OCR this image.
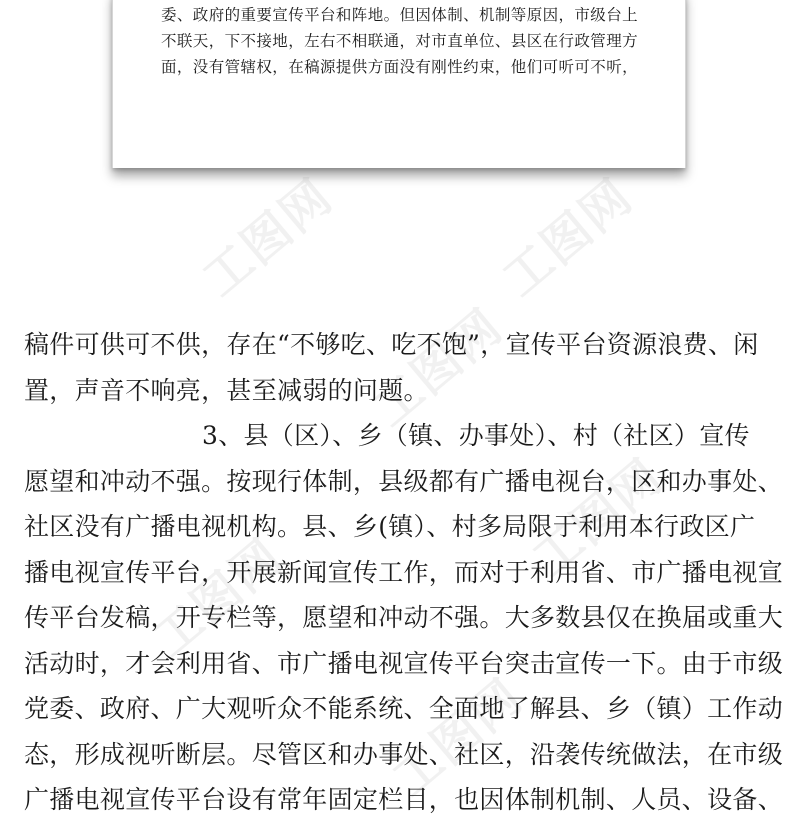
工图网	工图网
工图网
工图网
工图网
工图网
委、政府的重要宣传平台和阵地。但因体制、机制等原因，市级台上
不联天，下不接地，左右不相联通，对市直单位、县区在行政管理方
面，没有管辖权，在稿源提供方面没有刚性约束，他们可听可不听，
稿件可供可不供，存在“不够吃、吃不饱”，宣传平台资源浪费、闲
置，声音不响亮，甚至减弱的问题。
3、县（区）、乡（镇、办事处）、村（社区）宣传
愿望和冲动不强。按现行体制，县级都有广播电视台，区和办事处、
社区没有广播电视机构。县、乡(镇）、村多局限于利用本行政区广
播电视宣传平台，开展新闻宣传工作，而对于利用省、市广播电视宣
传平台发稿，开专栏等，愿望和冲动不强。大多数县仅在换届或重大
活动时，才会利用省、市广播电视宣传平台突击宣传一下。由于市级
党委、政府、广大观听众不能系统、全面地了解县、乡（镇）工作动
态，形成视听断层。尽管区和办事处、社区，沿袭传统做法，在市级
广播电视宣传平台设有常年固定栏目，也因体制机制、人员、设备、
